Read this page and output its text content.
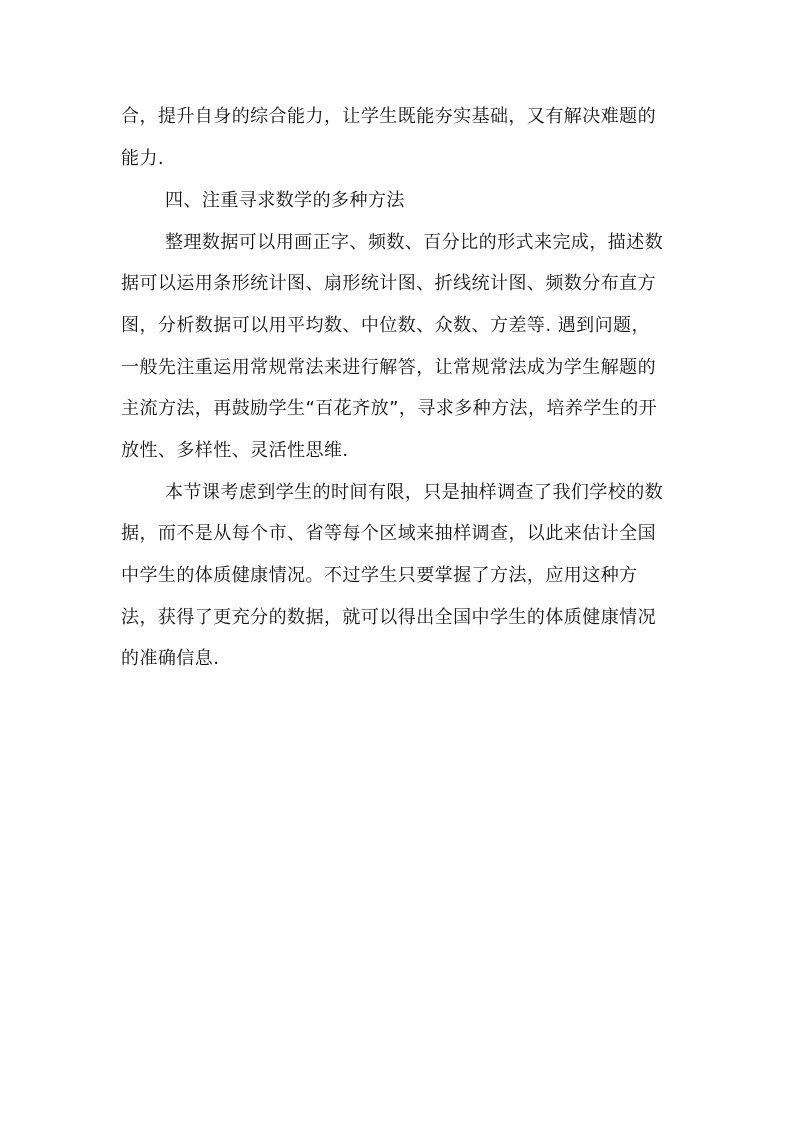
合，提升自身的综合能力，让学生既能夯实基础，又有解决难题的
能力.
四、注重寻求数学的多种方法
整理数据可以用画正字、频数、百分比的形式来完成，描述数
据可以运用条形统计图、扇形统计图、折线统计图、频数分布直方
图，分析数据可以用平均数、中位数、众数、方差等. 遇到问题，
一般先注重运用常规常法来进行解答，让常规常法成为学生解题的
主流方法，再鼓励学生“百花齐放”，寻求多种方法，培养学生的开
放性、多样性、灵活性思维.
本节课考虑到学生的时间有限，只是抽样调查了我们学校的数
据，而不是从每个市、省等每个区域来抽样调查，以此来估计全国
中学生的体质健康情况。不过学生只要掌握了方法，应用这种方
法，获得了更充分的数据，就可以得出全国中学生的体质健康情况
的准确信息.
